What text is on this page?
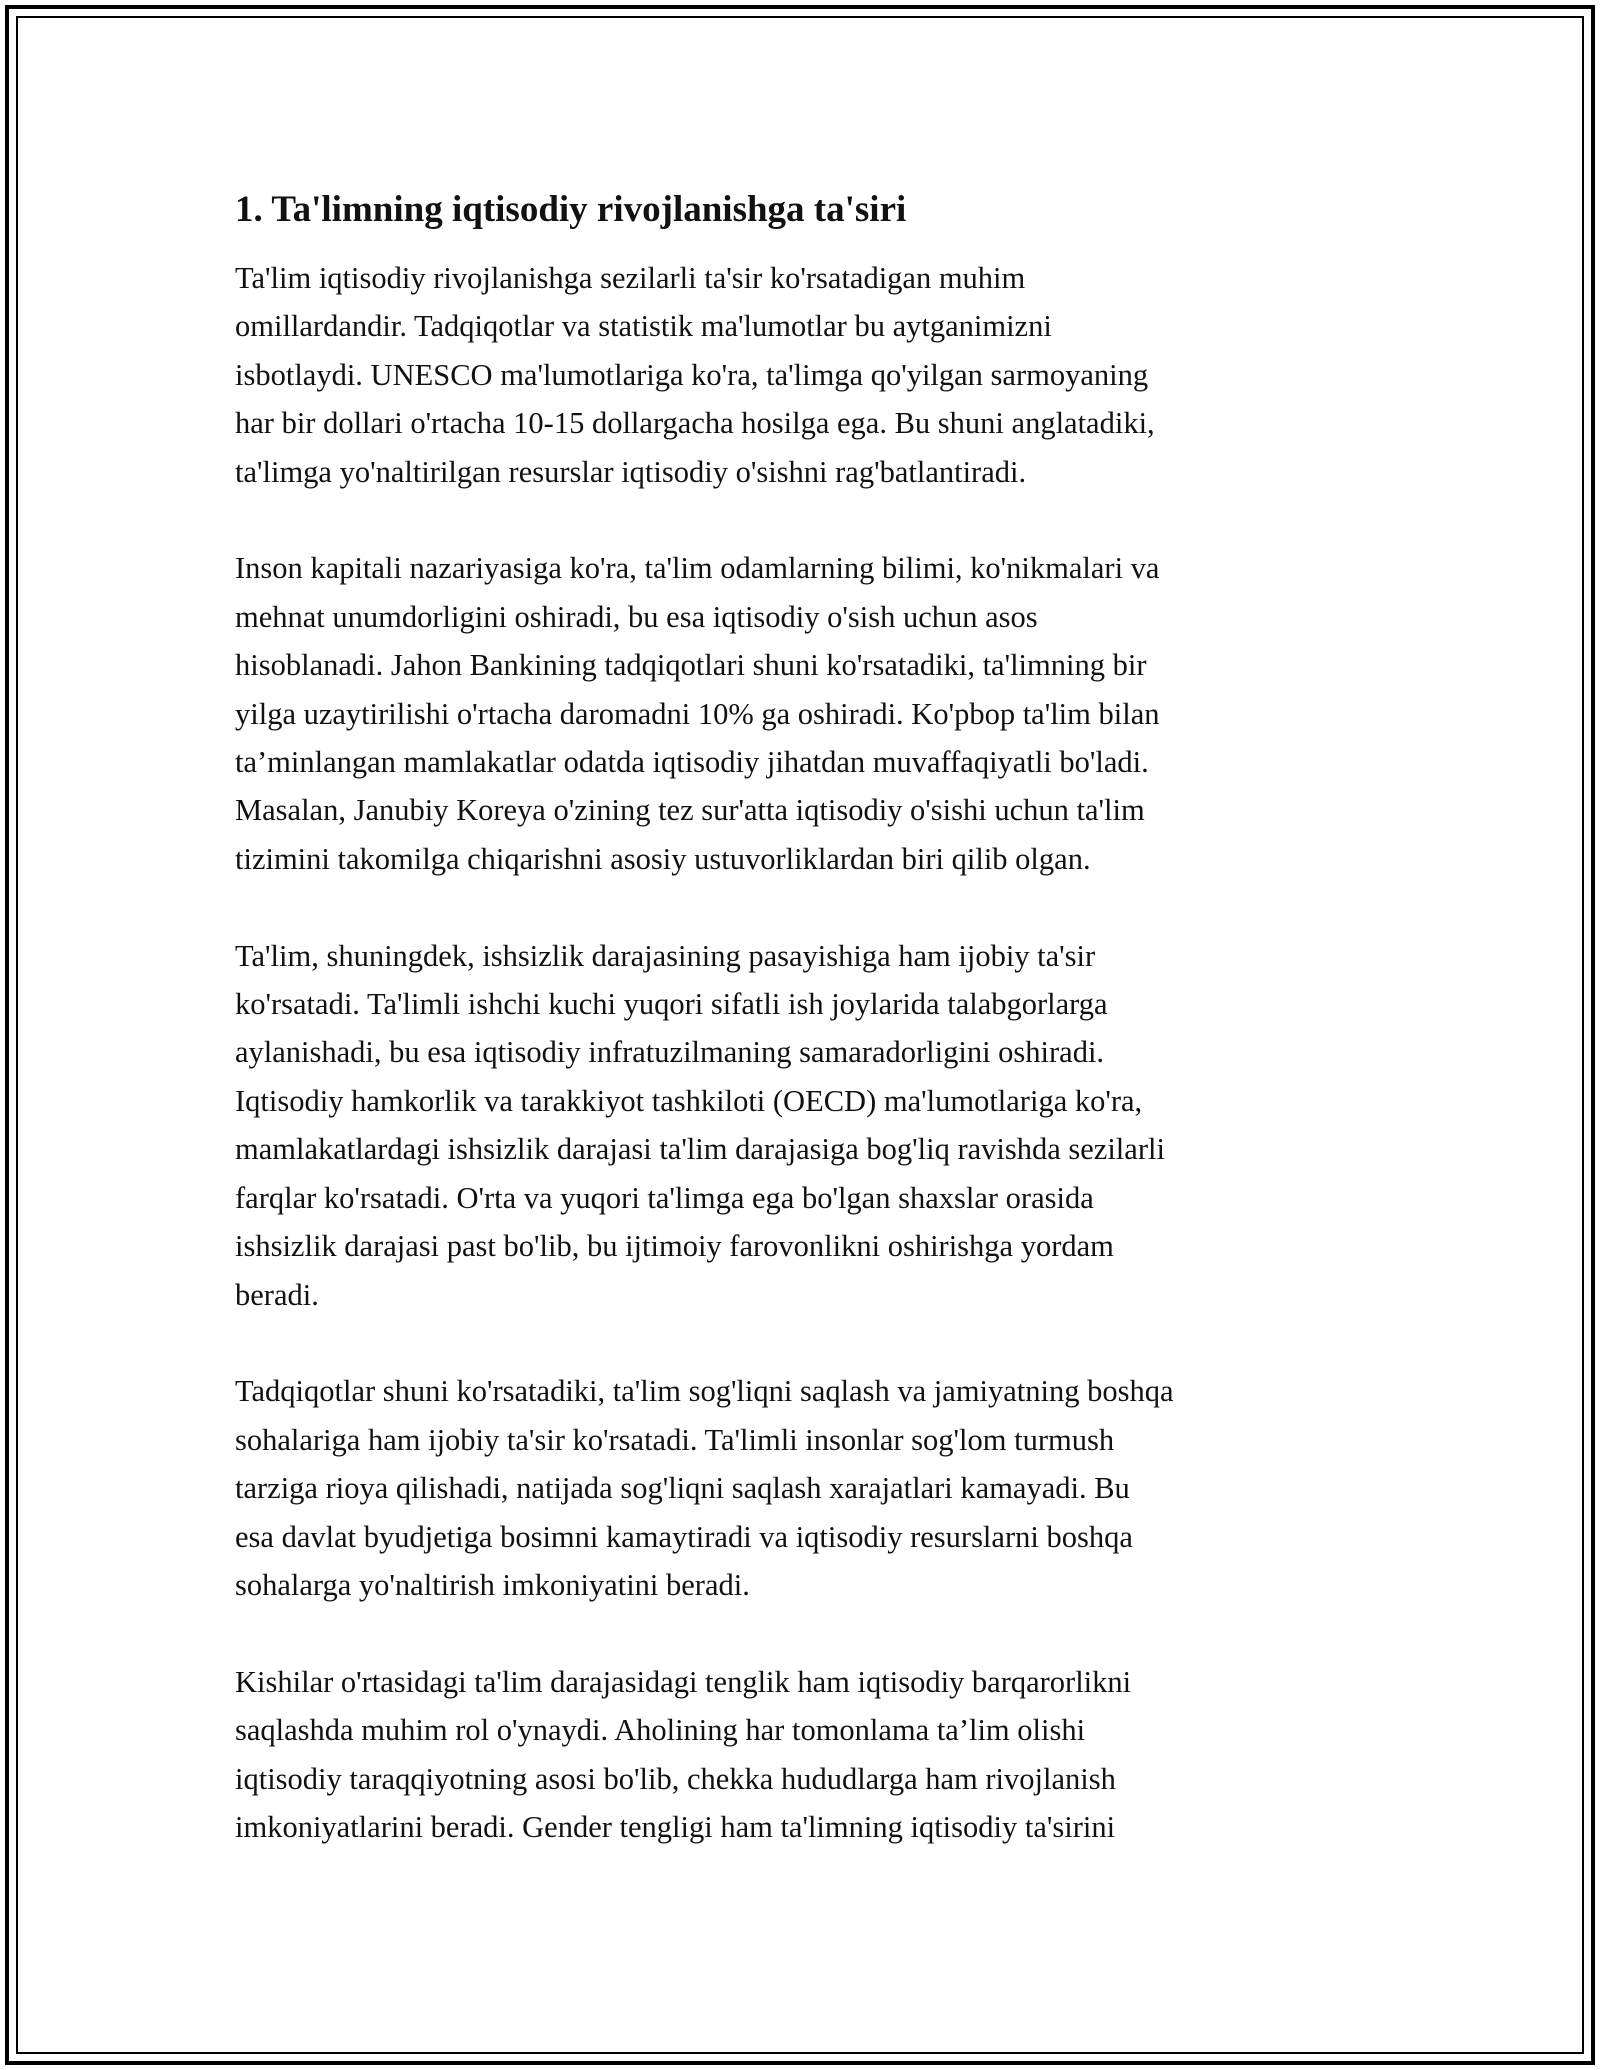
1. Ta'limning iqtisodiy rivojlanishga ta'siri

Ta'lim iqtisodiy rivojlanishga sezilarli ta'sir ko'rsatadigan muhim
omillardandir. Tadqiqotlar va statistik ma'lumotlar bu aytganimizni
isbotlaydi. UNESCO ma'lumotlariga ko'ra, ta'limga qo'yilgan sarmoyaning
har bir dollari o'rtacha 10-15 dollargacha hosilga ega. Bu shuni anglatadiki,
ta'limga yo'naltirilgan resurslar iqtisodiy o'sishni rag'batlantiradi.

Inson kapitali nazariyasiga ko'ra, ta'lim odamlarning bilimi, ko'nikmalari va
mehnat unumdorligini oshiradi, bu esa iqtisodiy o'sish uchun asos
hisoblanadi. Jahon Bankining tadqiqotlari shuni ko'rsatadiki, ta'limning bir
yilga uzaytirilishi o'rtacha daromadni 10% ga oshiradi. Ko'pbop ta'lim bilan
ta’minlangan mamlakatlar odatda iqtisodiy jihatdan muvaffaqiyatli bo'ladi.
Masalan, Janubiy Koreya o'zining tez sur'atta iqtisodiy o'sishi uchun ta'lim
tizimini takomilga chiqarishni asosiy ustuvorliklardan biri qilib olgan.

Ta'lim, shuningdek, ishsizlik darajasining pasayishiga ham ijobiy ta'sir
ko'rsatadi. Ta'limli ishchi kuchi yuqori sifatli ish joylarida talabgorlarga
aylanishadi, bu esa iqtisodiy infratuzilmaning samaradorligini oshiradi.
Iqtisodiy hamkorlik va tarakkiyot tashkiloti (OECD) ma'lumotlariga ko'ra,
mamlakatlardagi ishsizlik darajasi ta'lim darajasiga bog'liq ravishda sezilarli
farqlar ko'rsatadi. O'rta va yuqori ta'limga ega bo'lgan shaxslar orasida
ishsizlik darajasi past bo'lib, bu ijtimoiy farovonlikni oshirishga yordam
beradi.

Tadqiqotlar shuni ko'rsatadiki, ta'lim sog'liqni saqlash va jamiyatning boshqa
sohalariga ham ijobiy ta'sir ko'rsatadi. Ta'limli insonlar sog'lom turmush
tarziga rioya qilishadi, natijada sog'liqni saqlash xarajatlari kamayadi. Bu
esa davlat byudjetiga bosimni kamaytiradi va iqtisodiy resurslarni boshqa
sohalarga yo'naltirish imkoniyatini beradi.

Kishilar o'rtasidagi ta'lim darajasidagi tenglik ham iqtisodiy barqarorlikni
saqlashda muhim rol o'ynaydi. Aholining har tomonlama ta’lim olishi
iqtisodiy taraqqiyotning asosi bo'lib, chekka hududlarga ham rivojlanish
imkoniyatlarini beradi. Gender tengligi ham ta'limning iqtisodiy ta'sirini
